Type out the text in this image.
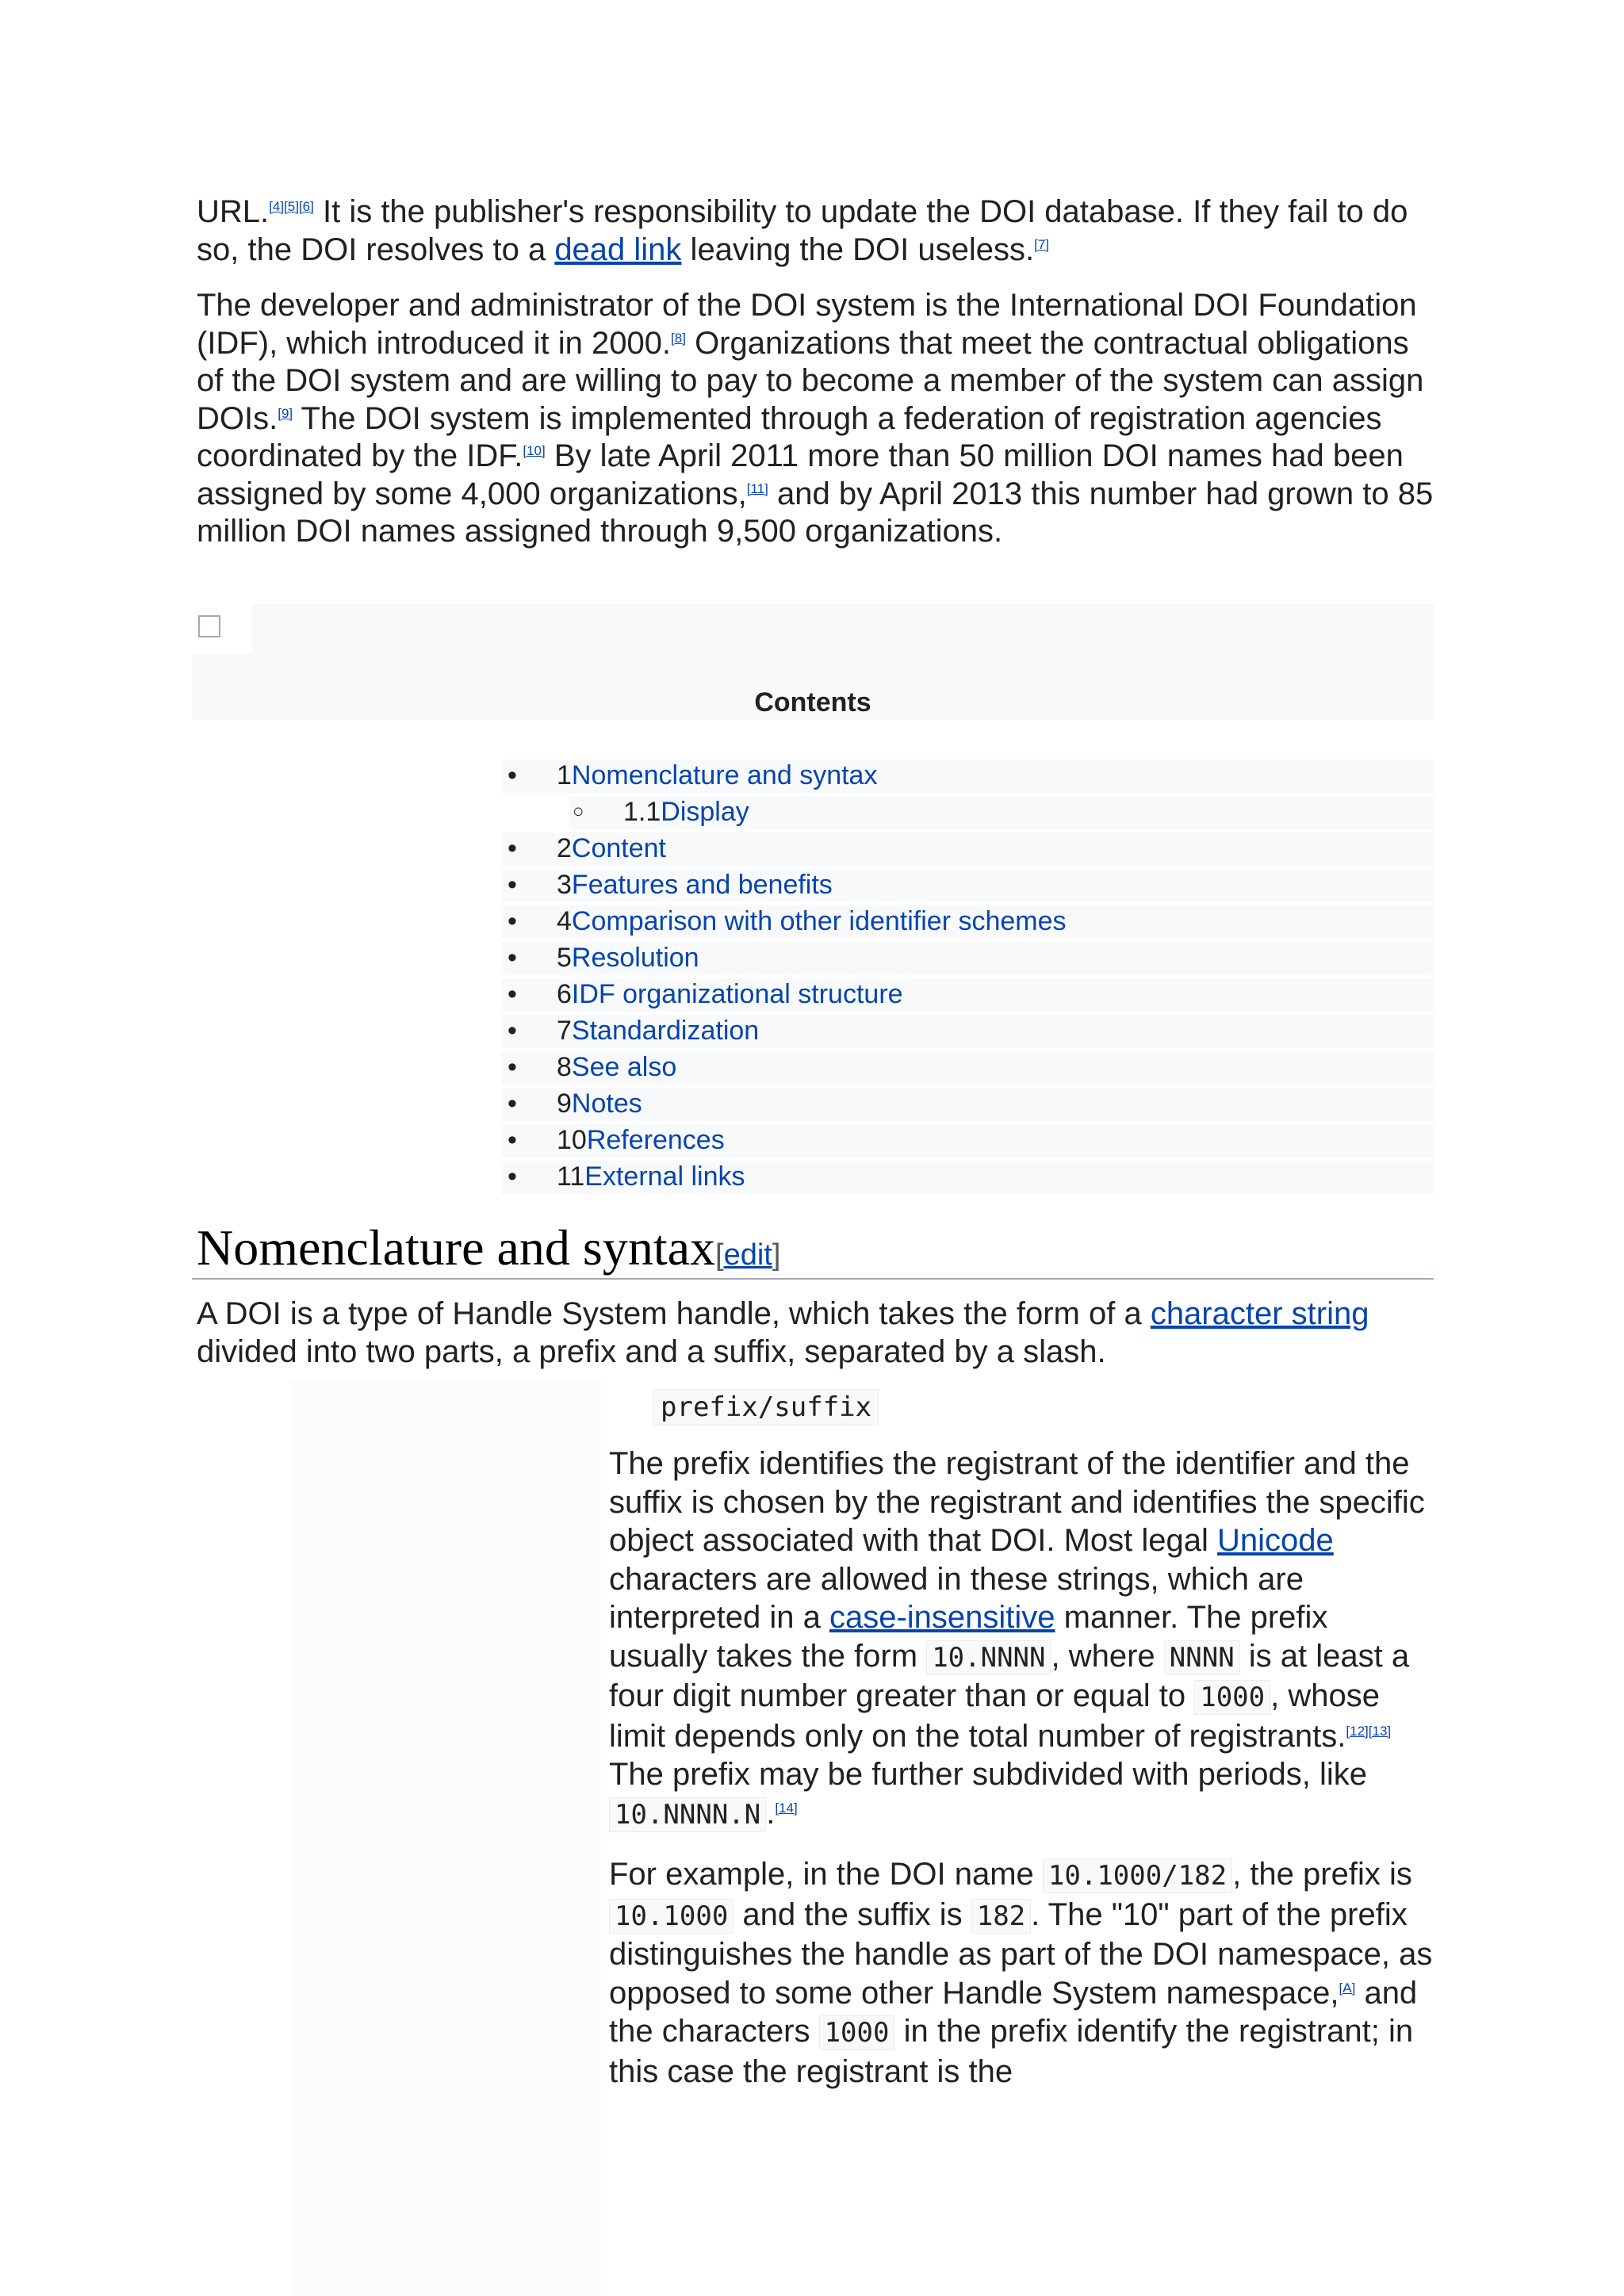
URL.[4][5][6] It is the publisher's responsibility to update the DOI database. If they fail to do so, the DOI resolves to a dead link leaving the DOI useless.[7]

The developer and administrator of the DOI system is the International DOI Foundation (IDF), which introduced it in 2000.[8] Organizations that meet the contractual obligations of the DOI system and are willing to pay to become a member of the system can assign DOIs.[9] The DOI system is implemented through a federation of registration agencies coordinated by the IDF.[10] By late April 2011 more than 50 million DOI names had been assigned by some 4,000 organizations,[11] and by April 2013 this number had grown to 85 million DOI names assigned through 9,500 organizations.

Contents
• 1 Nomenclature and syntax
○ 1.1 Display
• 2 Content
• 3 Features and benefits
• 4 Comparison with other identifier schemes
• 5 Resolution
• 6 IDF organizational structure
• 7 Standardization
• 8 See also
• 9 Notes
• 10 References
• 11 External links
Nomenclature and syntax[edit]

A DOI is a type of Handle System handle, which takes the form of a character string divided into two parts, a prefix and a suffix, separated by a slash.

prefix/suffix

The prefix identifies the registrant of the identifier and the suffix is chosen by the registrant and identifies the specific object associated with that DOI. Most legal Unicode characters are allowed in these strings, which are interpreted in a case-insensitive manner. The prefix usually takes the form 10.NNNN , where NNNN is at least a four digit number greater than or equal to 1000 , whose limit depends only on the total number of registrants.[12][13] The prefix may be further subdivided with periods, like 10.NNNN.N .[14]

For example, in the DOI name 10.1000/182 , the prefix is 10.1000 and the suffix is 182 . The "10" part of the prefix distinguishes the handle as part of the DOI namespace, as opposed to some other Handle System namespace,[A] and the characters 1000 in the prefix identify the registrant; in this case the registrant is the
